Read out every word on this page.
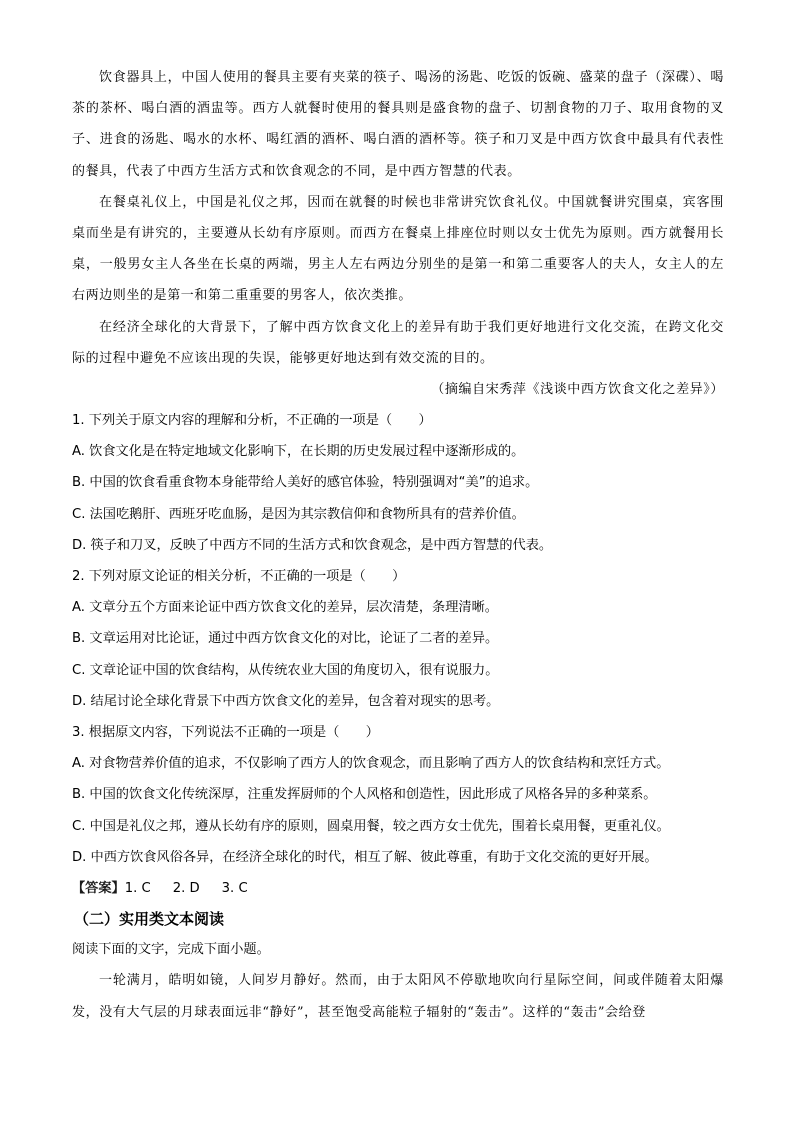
饮食器具上，中国人使用的餐具主要有夹菜的筷子、喝汤的汤匙、吃饭的饭碗、盛菜的盘子（深碟）、喝茶的茶杯、喝白酒的酒盅等。西方人就餐时使用的餐具则是盛食物的盘子、切割食物的刀子、取用食物的叉子、进食的汤匙、喝水的水杯、喝红酒的酒杯、喝白酒的酒杯等。筷子和刀叉是中西方饮食中最具有代表性的餐具，代表了中西方生活方式和饮食观念的不同，是中西方智慧的代表。

在餐桌礼仪上，中国是礼仪之邦，因而在就餐的时候也非常讲究饮食礼仪。中国就餐讲究围桌，宾客围桌而坐是有讲究的，主要遵从长幼有序原则。而西方在餐桌上排座位时则以女士优先为原则。西方就餐用长桌，一般男女主人各坐在长桌的两端，男主人左右两边分别坐的是第一和第二重要客人的夫人，女主人的左右两边则坐的是第一和第二重重要的男客人，依次类推。

在经济全球化的大背景下，了解中西方饮食文化上的差异有助于我们更好地进行文化交流，在跨文化交际的过程中避免不应该出现的失误，能够更好地达到有效交流的目的。

（摘编自宋秀萍《浅谈中西方饮食文化之差异》）

1. 下列关于原文内容的理解和分析，不正确的一项是（　　）

A. 饮食文化是在特定地域文化影响下，在长期的历史发展过程中逐渐形成的。

B. 中国的饮食看重食物本身能带给人美好的感官体验，特别强调对“美”的追求。

C. 法国吃鹅肝、西班牙吃血肠，是因为其宗教信仰和食物所具有的营养价值。

D. 筷子和刀叉，反映了中西方不同的生活方式和饮食观念，是中西方智慧的代表。

2. 下列对原文论证的相关分析，不正确的一项是（　　）

A. 文章分五个方面来论证中西方饮食文化的差异，层次清楚，条理清晰。

B. 文章运用对比论证，通过中西方饮食文化的对比，论证了二者的差异。

C. 文章论证中国的饮食结构，从传统农业大国的角度切入，很有说服力。

D. 结尾讨论全球化背景下中西方饮食文化的差异，包含着对现实的思考。

3. 根据原文内容，下列说法不正确的一项是（　　）

A. 对食物营养价值的追求，不仅影响了西方人的饮食观念，而且影响了西方人的饮食结构和烹饪方式。

B. 中国的饮食文化传统深厚，注重发挥厨师的个人风格和创造性，因此形成了风格各异的多种菜系。

C. 中国是礼仪之邦，遵从长幼有序的原则，圆桌用餐，较之西方女士优先，围着长桌用餐，更重礼仪。

D. 中西方饮食风俗各异，在经济全球化的时代，相互了解、彼此尊重，有助于文化交流的更好开展。

【答案】1. C 2. D 3. C

（二）实用类文本阅读

阅读下面的文字，完成下面小题。

一轮满月，皓明如镜，人间岁月静好。然而，由于太阳风不停歇地吹向行星际空间，间或伴随着太阳爆发，没有大气层的月球表面远非“静好”，甚至饱受高能粒子辐射的“轰击”。这样的“轰击”会给登
